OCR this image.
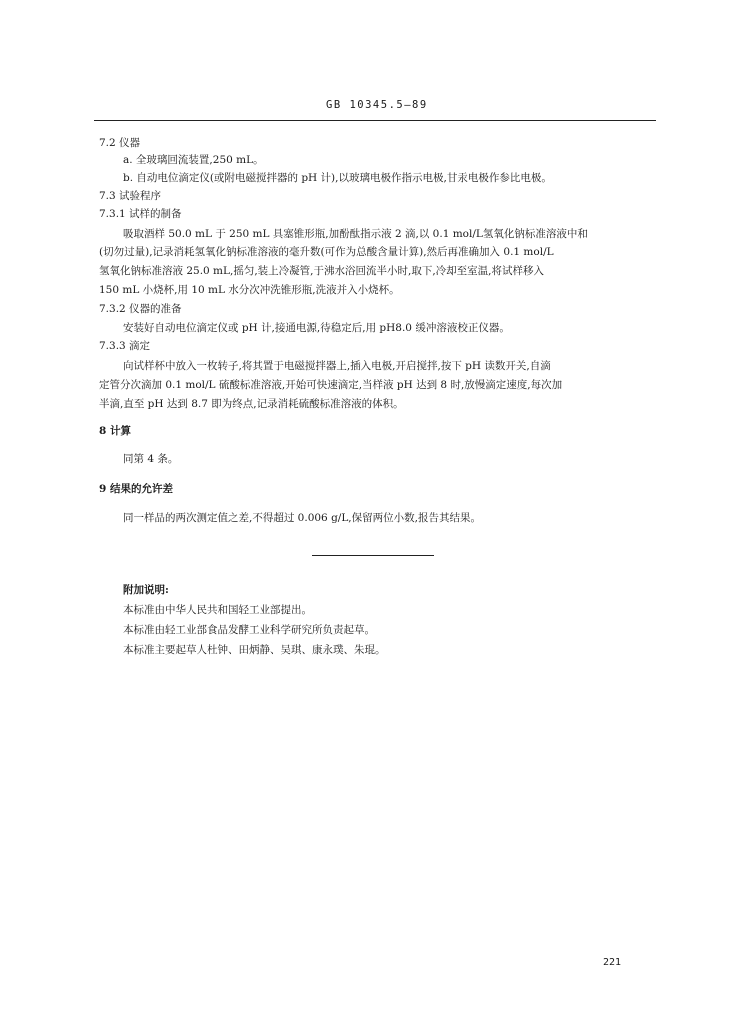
GB 10345.5—89
7.2 仪器
a. 全玻璃回流装置,250 mL。
b. 自动电位滴定仪(或附电磁搅拌器的 pH 计),以玻璃电极作指示电极,甘汞电极作参比电极。
7.3 试验程序
7.3.1 试样的制备
吸取酒样 50.0 mL 于 250 mL 具塞锥形瓶,加酚酞指示液 2 滴,以 0.1 mol/L氢氧化钠标准溶液中和
(切勿过量),记录消耗氢氧化钠标准溶液的毫升数(可作为总酸含量计算),然后再准确加入 0.1 mol/L
氢氧化钠标准溶液 25.0 mL,摇匀,装上冷凝管,于沸水浴回流半小时,取下,冷却至室温,将试样移入
150 mL 小烧杯,用 10 mL 水分次冲洗锥形瓶,洗液并入小烧杯。
7.3.2 仪器的准备
安装好自动电位滴定仪或 pH 计,接通电源,待稳定后,用 pH8.0 缓冲溶液校正仪器。
7.3.3 滴定
向试样杯中放入一枚转子,将其置于电磁搅拌器上,插入电极,开启搅拌,按下 pH 读数开关,自滴
定管分次滴加 0.1 mol/L 硫酸标准溶液,开始可快速滴定,当样液 pH 达到 8 时,放慢滴定速度,每次加
半滴,直至 pH 达到 8.7 即为终点,记录消耗硫酸标准溶液的体积。
8 计算
同第 4 条。
9 结果的允许差
同一样品的两次测定值之差,不得超过 0.006 g/L,保留两位小数,报告其结果。
附加说明:
本标准由中华人民共和国轻工业部提出。
本标准由轻工业部食品发酵工业科学研究所负责起草。
本标准主要起草人杜钟、田炳静、吴琪、康永璞、朱琨。
221
